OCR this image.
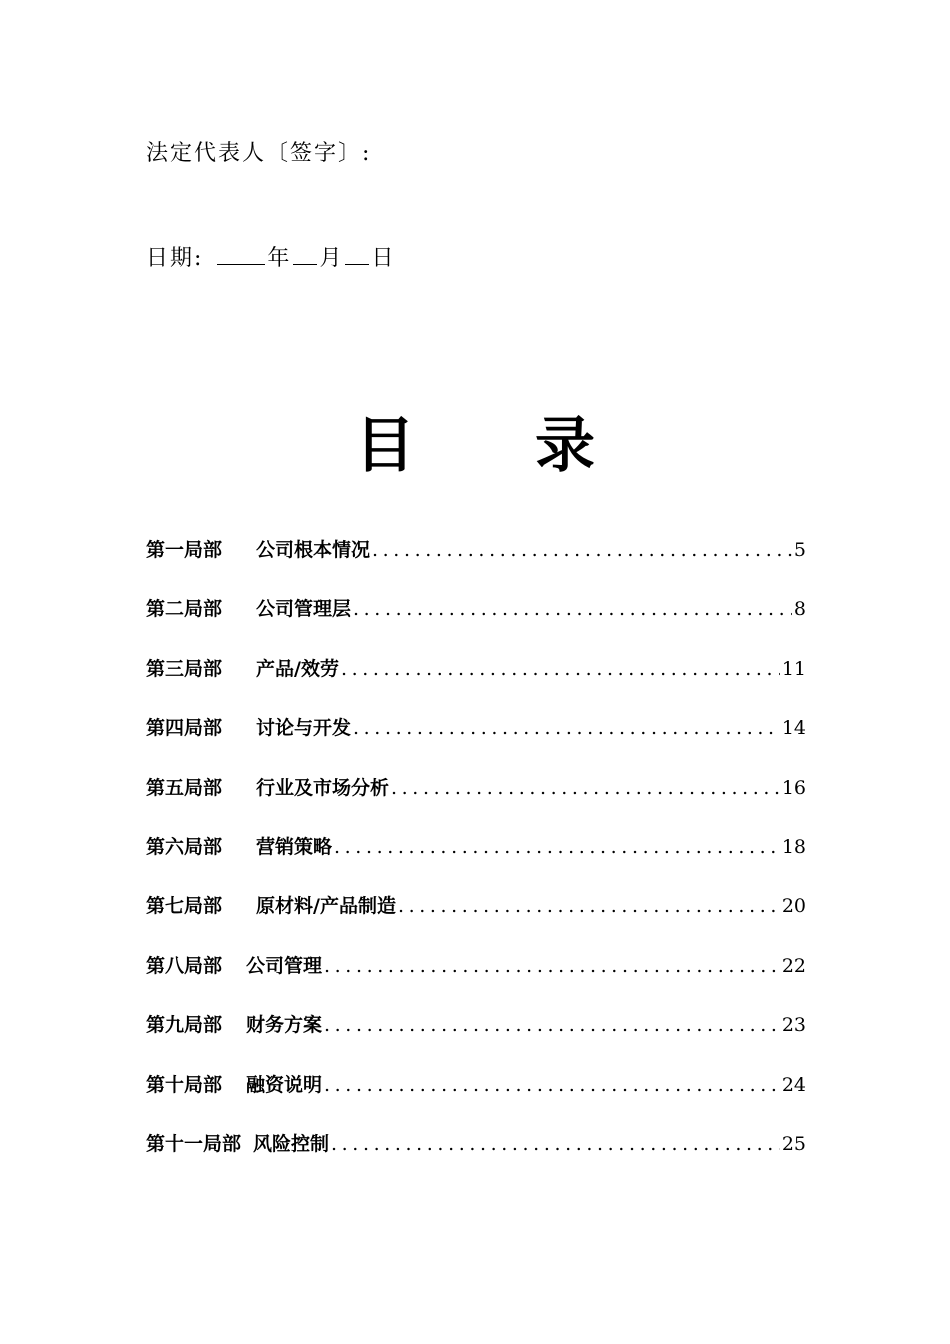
法定代表人〔签字〕:
日期:	年 月 日
目 录
第一局部 公司根本情况 .....	5
第二局部 公司管理层 .....	8
第三局部 产品/效劳 .....	11
第四局部 讨论与开发 .....	14
第五局部 行业及市场分析 .....	16
第六局部 营销策略 .....	18
第七局部 原材料/产品制造 .....	20
第八局部 公司管理 .....	22
第九局部 财务方案 .....	23
第十局部 融资说明 .....	24
第十一局部 风险控制 .....	25
